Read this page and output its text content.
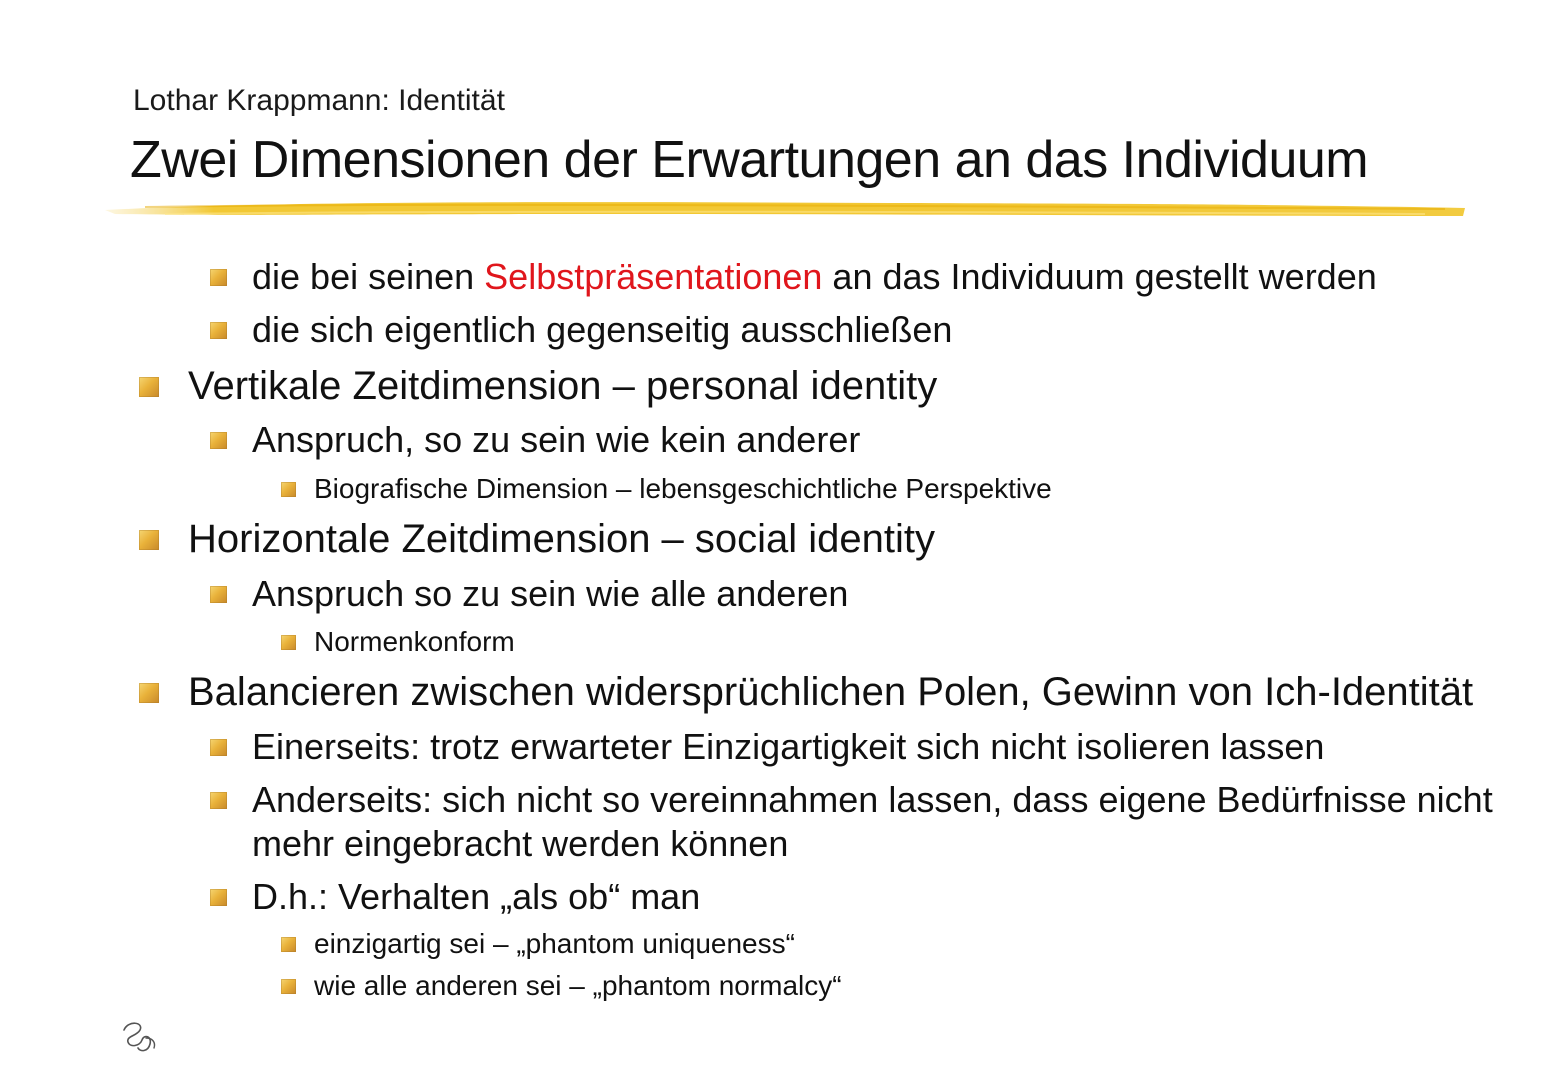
Lothar Krappmann: Identität
Zwei Dimensionen der Erwartungen an das Individuum
die bei seinen Selbstpräsentationen an das Individuum gestellt werden
die sich eigentlich gegenseitig ausschließen
Vertikale Zeitdimension – personal identity
Anspruch, so zu sein wie kein anderer
Biografische Dimension – lebensgeschichtliche Perspektive
Horizontale Zeitdimension – social identity
Anspruch so zu sein wie alle anderen
Normenkonform
Balancieren zwischen widersprüchlichen Polen, Gewinn von Ich-Identität
Einerseits: trotz erwarteter Einzigartigkeit sich nicht isolieren lassen
Anderseits: sich nicht so vereinnahmen lassen, dass eigene Bedürfnisse nicht
mehr eingebracht werden können
D.h.: Verhalten „als ob“ man
einzigartig sei – „phantom uniqueness“
wie alle anderen sei – „phantom normalcy“
